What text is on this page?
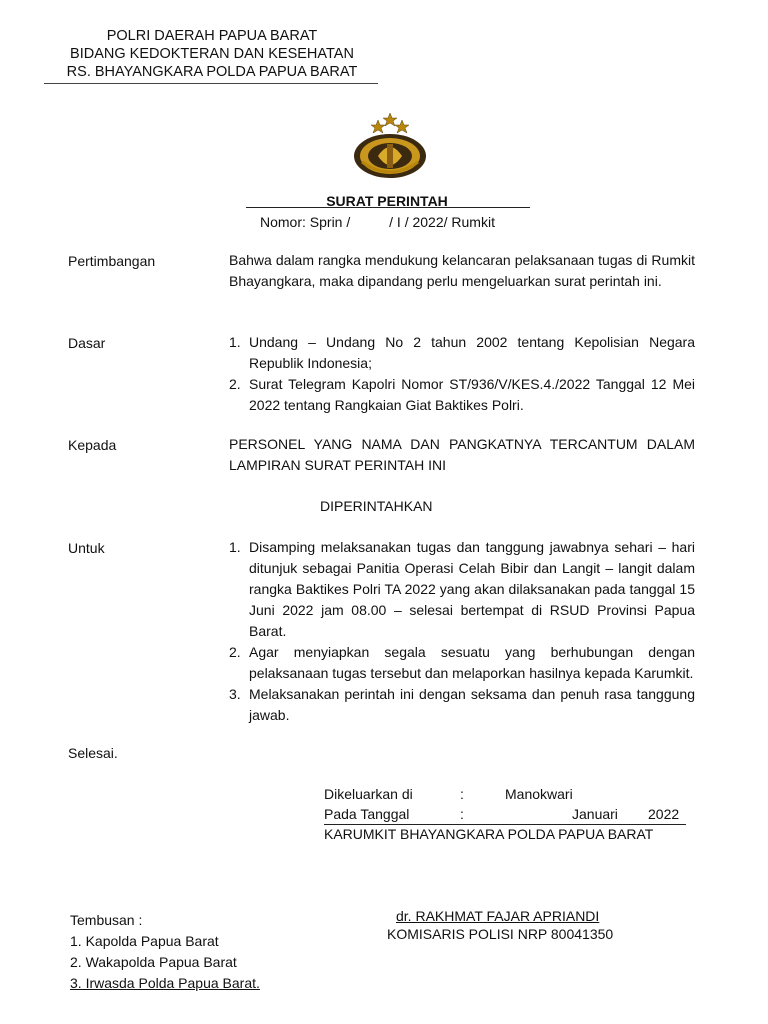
POLRI DAERAH PAPUA BARAT
BIDANG KEDOKTERAN DAN KESEHATAN
RS. BHAYANGKARA POLDA PAPUA BARAT
SURAT PERINTAH
Nomor: Sprin /          / I / 2022/ Rumkit
Pertimbangan	Bahwa dalam rangka mendukung kelancaran pelaksanaan tugas di Rumkit Bhayangkara, maka dipandang perlu mengeluarkan surat perintah ini.
Dasar	1. Undang – Undang No 2 tahun 2002 tentang Kepolisian Negara Republik Indonesia;
2. Surat Telegram Kapolri Nomor ST/936/V/KES.4./2022 Tanggal 12 Mei 2022 tentang Rangkaian Giat Baktikes Polri.
Kepada	PERSONEL YANG NAMA DAN PANGKATNYA TERCANTUM DALAM LAMPIRAN SURAT PERINTAH INI
DIPERINTAHKAN
Untuk	1. Disamping melaksanakan tugas dan tanggung jawabnya sehari – hari ditunjuk sebagai Panitia Operasi Celah Bibir dan Langit – langit dalam rangka Baktikes Polri TA 2022 yang akan dilaksanakan pada tanggal 15 Juni 2022 jam 08.00 – selesai bertempat di RSUD Provinsi Papua Barat.
2. Agar menyiapkan segala sesuatu yang berhubungan dengan pelaksanaan tugas tersebut dan melaporkan hasilnya kepada Karumkit.
3. Melaksanakan perintah ini dengan seksama dan penuh rasa tanggung jawab.
Selesai.
Dikeluarkan di	:	Manokwari
Pada Tanggal	:	Januari 2022
KARUMKIT BHAYANGKARA POLDA PAPUA BARAT
dr. RAKHMAT FAJAR APRIANDI
KOMISARIS POLISI NRP 80041350
Tembusan :
1. Kapolda Papua Barat
2. Wakapolda Papua Barat
3. Irwasda Polda Papua Barat.
